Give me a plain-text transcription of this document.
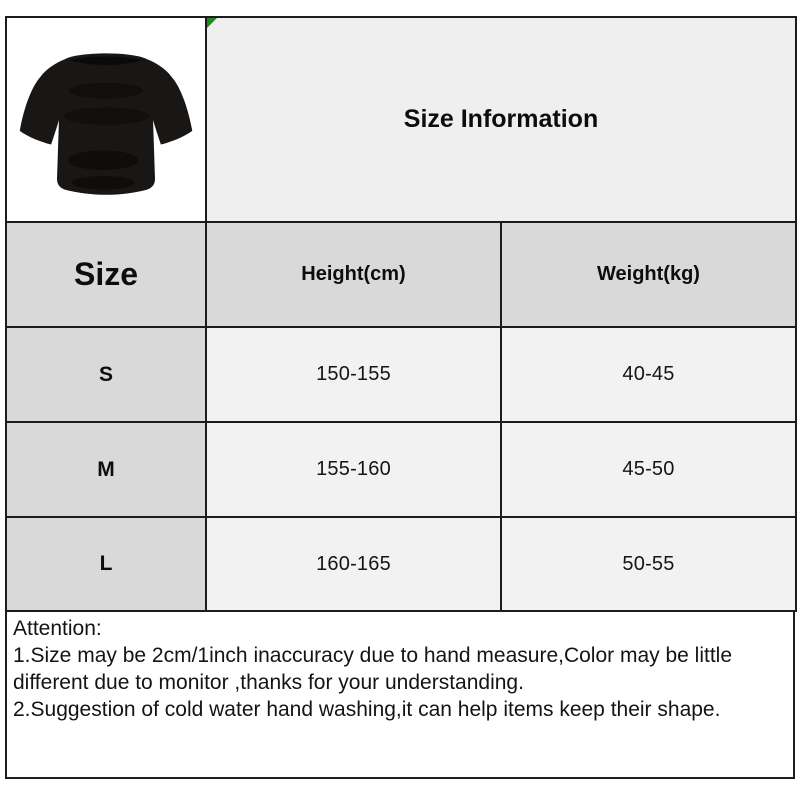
Size Information	
Size	Height(cm)	Weight(kg)
S	150-155	40-45
M	155-160	45-50
L	160-165	50-55
Attention:
1.Size may be 2cm/1inch inaccuracy due to hand measure,Color may be little
different due to monitor ,thanks for your understanding.
2.Suggestion of cold water hand washing,it can help items keep their shape.
